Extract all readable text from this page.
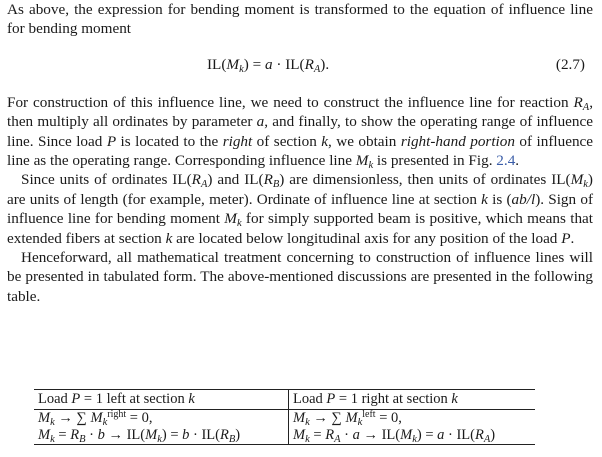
As above, the expression for bending moment is transformed to the equation of influence line for bending moment

$IL(M_k) = a \cdot IL(R_A)$.	(2.7)

For construction of this influence line, we need to construct the influence line for reaction $R_A$, then multiply all ordinates by parameter a, and finally, to show the operating range of influence line. Since load P is located to the right of section k, we obtain right-hand portion of influence line as the operating range. Corresponding influence line $M_k$ is presented in Fig. 2.4.

Since units of ordinates $IL(R_A)$ and $IL(R_B)$ are dimensionless, then units of ordinates $IL(M_k)$ are units of length (for example, meter). Ordinate of influence line at section k is (ab/l). Sign of influence line for bending moment $M_k$ for simply supported beam is positive, which means that extended fibers at section k are located below longitudinal axis for any position of the load P.

Henceforward, all mathematical treatment concerning to construction of influence lines will be presented in tabulated form. The above-mentioned discussions are presented in the following table.

Load P = 1 left at section k	Load P = 1 right at section k
$M_k$ → ∑ $M_k^{right} = 0$,	$M_k$ → ∑ $M_k^{left} = 0$,
$M_k = R_B \cdot b \to IL(M_k) = b \cdot IL(R_B)$	$M_k = R_A \cdot a \to IL(M_k) = a \cdot IL(R_A)$
